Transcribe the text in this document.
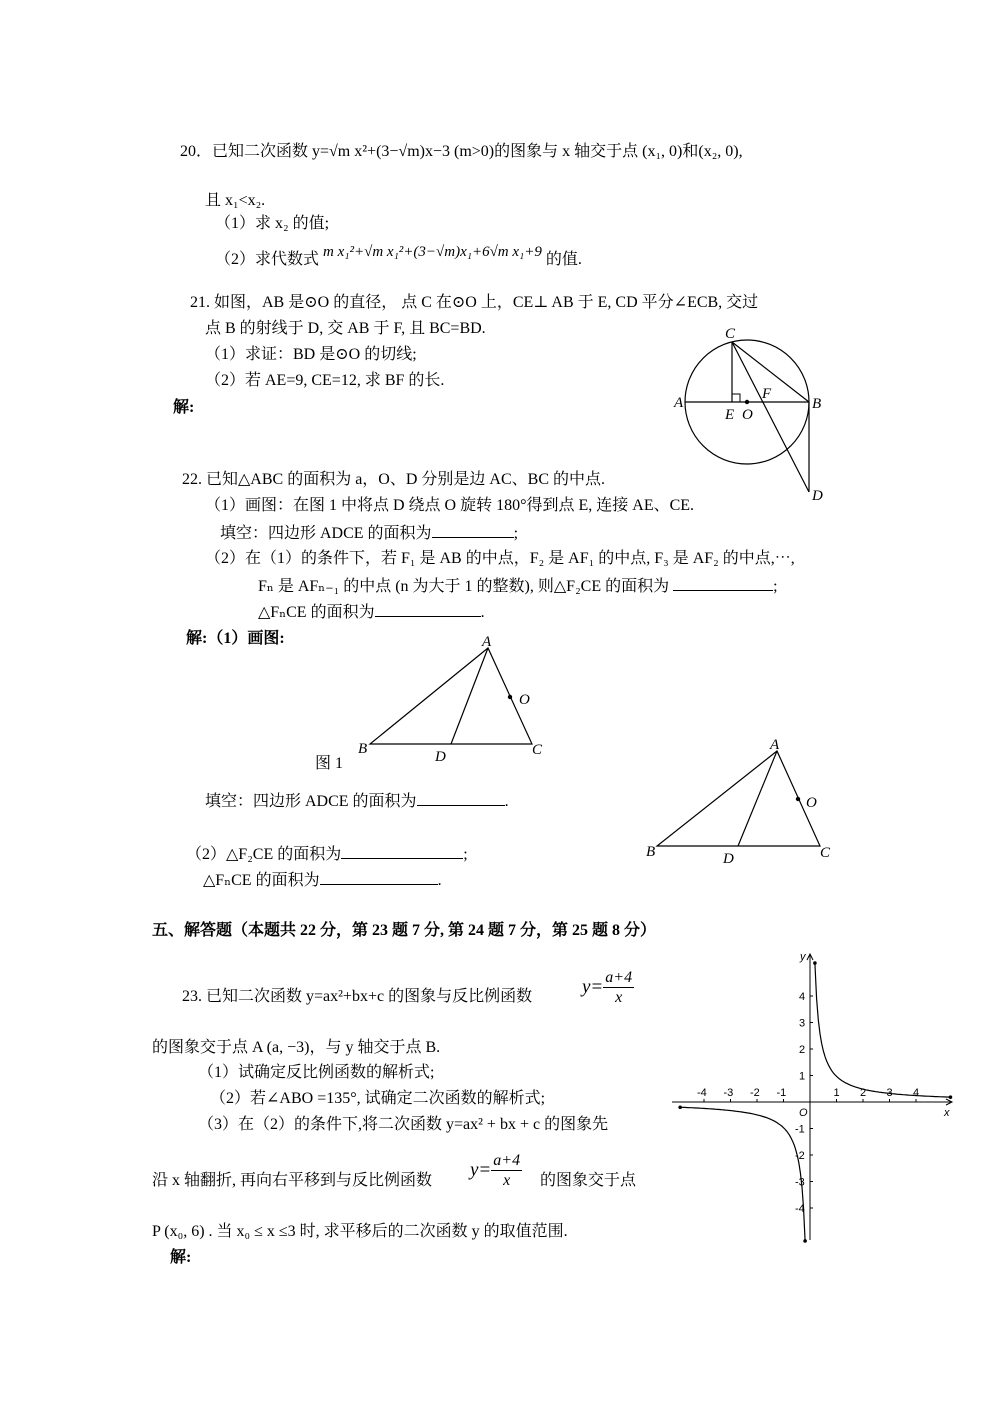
20．已知二次函数 y=√m x²+(3−√m)x−3 (m>0)的图象与 x 轴交于点 (x₁, 0)和(x₂, 0),
且 x₁<x₂.
（1）求 x₂ 的值;
（2）求代数式 m x₁²+√m x₁²+(3−√m)x₁+6√m x₁+9 的值.
21. 如图，AB 是⊙O 的直径， 点 C 在⊙O 上，CE⊥ AB 于 E, CD 平分∠ECB, 交过
点 B 的射线于 D, 交 AB 于 F, 且 BC=BD.
（1）求证：BD 是⊙O 的切线;
（2）若 AE=9, CE=12, 求 BF 的长.
解:
C
A
E O
F
B
D
22. 已知△ABC 的面积为 a，O、D 分别是边 AC、BC 的中点.
（1）画图：在图 1 中将点 D 绕点 O 旋转 180°得到点 E, 连接 AE、CE.
填空：四边形 ADCE 的面积为	;
（2）在（1）的条件下，若 F₁ 是 AB 的中点，F₂ 是 AF₁ 的中点, F₃ 是 AF₂ 的中点,⋯,
Fₙ 是 AFₙ₋₁ 的中点 (n 为大于 1 的整数), 则△F₂CE 的面积为	;
△FₙCE 的面积为	.
解:（1）画图:	A
B	D	C
O
图 1
填空：四边形 ADCE 的面积为	.
（2）△F₂CE 的面积为	;
△FₙCE 的面积为	.
A
B	D	C
O
五、解答题（本题共 22 分，第 23 题 7 分, 第 24 题 7 分，第 25 题 8 分）
23. 已知二次函数 y=ax²+bx+c 的图象与反比例函数	$y= \frac{a+4}{x}$
的图象交于点 A (a, −3)，与 y 轴交于点 B.
（1）试确定反比例函数的解析式;
（2）若∠ABO =135°, 试确定二次函数的解析式;
（3）在（2）的条件下,将二次函数 y=ax² + bx + c 的图象先
沿 x 轴翻折, 再向右平移到与反比例函数
$y= \frac{a+4}{x}$ 的图象交于点
P (x₀, 6) . 当 x₀ ≤ x ≤3 时, 求平移后的二次函数 y 的取值范围.
解:
-4 -3 -2 -1	1 2 3 4
4
3
2
1
-1
-2
-3
-4
y
x
O
